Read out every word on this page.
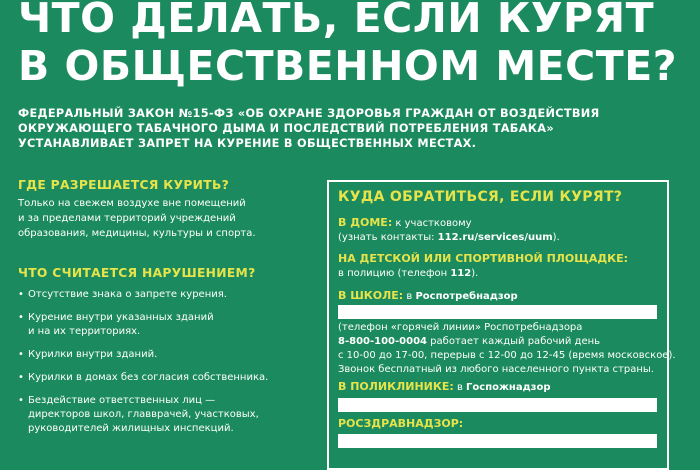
ЧТО ДЕЛАТЬ, ЕСЛИ КУРЯТ
В ОБЩЕСТВЕННОМ МЕСТЕ?
ФЕДЕРАЛЬНЫЙ ЗАКОН №15-ФЗ «ОБ ОХРАНЕ ЗДОРОВЬЯ ГРАЖДАН ОТ ВОЗДЕЙСТВИЯ
ОКРУЖАЮЩЕГО ТАБАЧНОГО ДЫМА И ПОСЛЕДСТВИЙ ПОТРЕБЛЕНИЯ ТАБАКА»
УСТАНАВЛИВАЕТ ЗАПРЕТ НА КУРЕНИЕ В ОБЩЕСТВЕННЫХ МЕСТАХ.
ГДЕ РАЗРЕШАЕТСЯ КУРИТЬ?
Только на свежем воздухе вне помещений
и за пределами территорий учреждений
образования, медицины, культуры и спорта.
ЧТО СЧИТАЕТСЯ НАРУШЕНИЕМ?
• Отсутствие знака о запрете курения.
• Курение внутри указанных зданий
и на их территориях.
• Курилки внутри зданий.
• Курилки в домах без согласия собственника.
• Бездействие ответственных лиц —
директоров школ, главврачей, участковых,
руководителей жилищных инспекций.
КУДА ОБРАТИТЬСЯ, ЕСЛИ КУРЯТ?
В ДОМЕ: к участковому
(узнать контакты: 112.ru/services/uum).
НА ДЕТСКОЙ ИЛИ СПОРТИВНОЙ ПЛОЩАДКЕ:
в полицию (телефон 112).
В ШКОЛЕ: в Роспотребнадзор
(телефон «горячей линии» Роспотребнадзора
8-800-100-0004 работает каждый рабочий день
с 10-00 до 17-00, перерыв с 12-00 до 12-45 (время московское).
Звонок бесплатный из любого населенного пункта страны.
В ПОЛИКЛИНИКЕ: в Госпожнадзор
РОСЗДРАВНАДЗОР:
